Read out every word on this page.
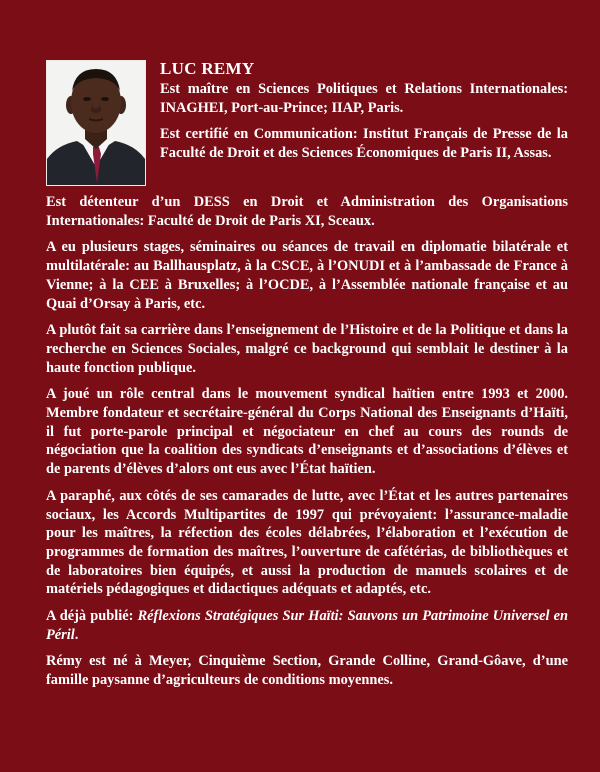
LUC REMY

Est maître en Sciences Politiques et Relations Internationales: INAGHEI, Port-au-Prince; IIAP, Paris.

Est certifié en Communication: Institut Français de Presse de la Faculté de Droit et des Sciences Économiques de Paris II, Assas.

Est détenteur d’un DESS en Droit et Administration des Organisations Internationales: Faculté de Droit de Paris XI, Sceaux.

A eu plusieurs stages, séminaires ou séances de travail en diplomatie bilatérale et multilatérale: au Ballhausplatz, à la CSCE, à l’ONUDI et à l’ambassade de France à Vienne; à la CEE à Bruxelles; à l’OCDE, à l’Assemblée nationale française et au Quai d’Orsay à Paris, etc.

A plutôt fait sa carrière dans l’enseignement de l’Histoire et de la Politique et dans la recherche en Sciences Sociales, malgré ce background qui semblait le destiner à la haute fonction publique.

A joué un rôle central dans le mouvement syndical haïtien entre 1993 et 2000. Membre fondateur et secrétaire-général du Corps National des Enseignants d’Haïti, il fut porte-parole principal et négociateur en chef au cours des rounds de négociation que la coalition des syndicats d’enseignants et d’associations d’élèves et de parents d’élèves d’alors ont eus avec l’État haïtien.

A paraphé, aux côtés de ses camarades de lutte, avec l’État et les autres partenaires sociaux, les Accords Multipartites de 1997 qui prévoyaient: l’assurance-maladie pour les maîtres, la réfection des écoles délabrées, l’élaboration et l’exécution de programmes de formation des maîtres, l’ouverture de cafétérias, de bibliothèques et de laboratoires bien équipés, et aussi la production de manuels scolaires et de matériels pédagogiques et didactiques adéquats et adaptés, etc.

A déjà publié: Réflexions Stratégiques Sur Haïti: Sauvons un Patrimoine Universel en Péril.

Rémy est né à Meyer, Cinquième Section, Grande Colline, Grand-Gôave, d’une famille paysanne d’agriculteurs de conditions moyennes.
